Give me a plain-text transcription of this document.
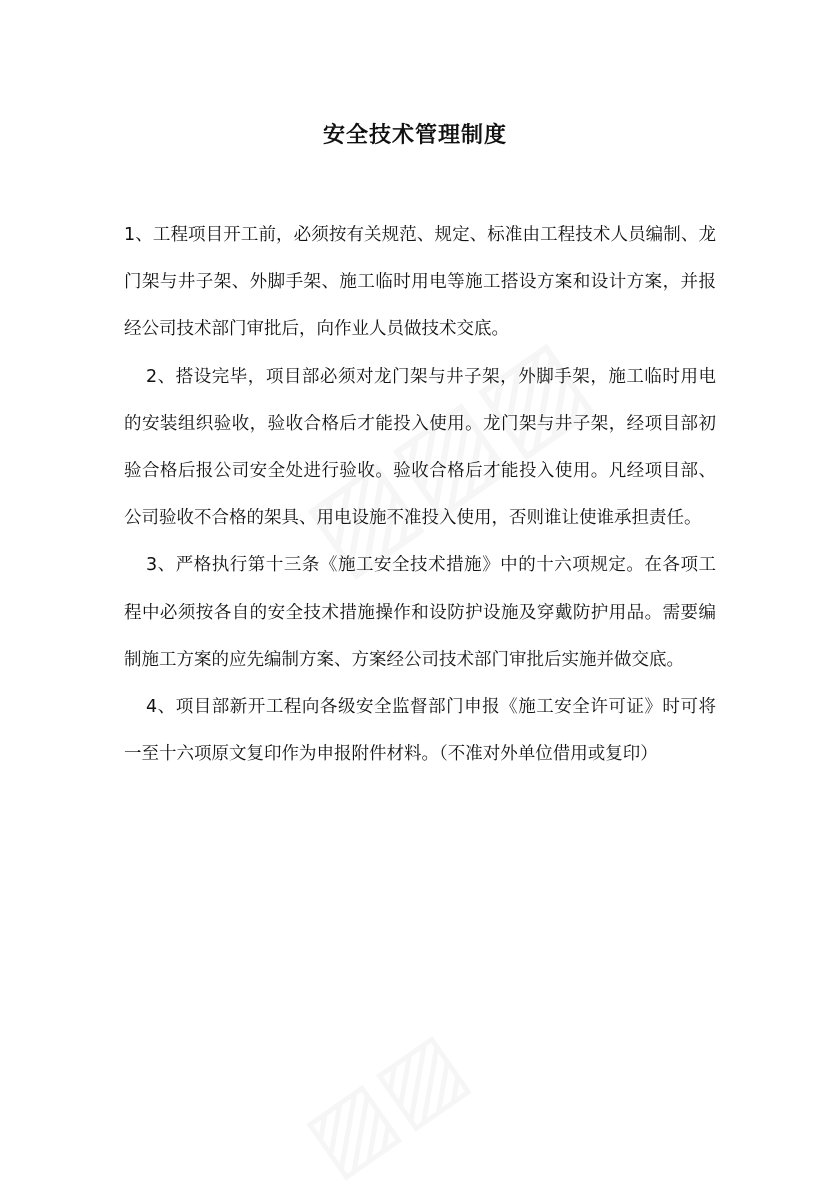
安全技术管理制度

1、工程项目开工前，必须按有关规范、规定、标准由工程技术人员编制、龙门架与井子架、外脚手架、施工临时用电等施工搭设方案和设计方案，并报经公司技术部门审批后，向作业人员做技术交底。

2、搭设完毕，项目部必须对龙门架与井子架，外脚手架，施工临时用电的安装组织验收，验收合格后才能投入使用。龙门架与井子架，经项目部初验合格后报公司安全处进行验收。验收合格后才能投入使用。凡经项目部、公司验收不合格的架具、用电设施不准投入使用，否则谁让使谁承担责任。

3、严格执行第十三条《施工安全技术措施》中的十六项规定。在各项工程中必须按各自的安全技术措施操作和设防护设施及穿戴防护用品。需要编制施工方案的应先编制方案、方案经公司技术部门审批后实施并做交底。

4、项目部新开工程向各级安全监督部门申报《施工安全许可证》时可将一至十六项原文复印作为申报附件材料。（不准对外单位借用或复印）
